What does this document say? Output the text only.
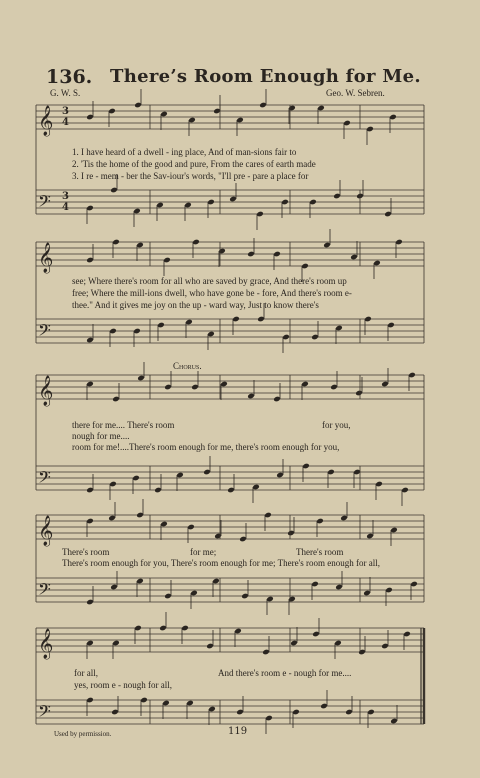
𝄞
𝄢
𝄞
𝄢
𝄞
𝄢
𝄞
𝄢
𝄞
𝄢
3
4
3
4
136. There’s Room Enough for Me.
G. W. S.	Geo. W. Sebren.
1. I have heard of a dwell - ing place, And of man-sions fair to
2. 'Tis the home of the good and pure, From the cares of earth made
3. I re - mem - ber the Sav-iour's words, "I'll pre - pare a place for
see; Where there's room for all who are saved by grace, And there's room up
free; Where the mill-ions dwell, who have gone be - fore, And there's room e-
thee." And it gives me joy on the up - ward way, Just to know there's
Chorus.
there for me.... There's room	for you,
nough for me....
room for me!....There's room enough for me, there's room enough for you,
There's room	for me;	There's room
There's room enough for you, There's room enough for me; There's room enough for all,
for all,	And there's room e - nough for me....
yes, room e - nough for all,
Used by permission.	119
